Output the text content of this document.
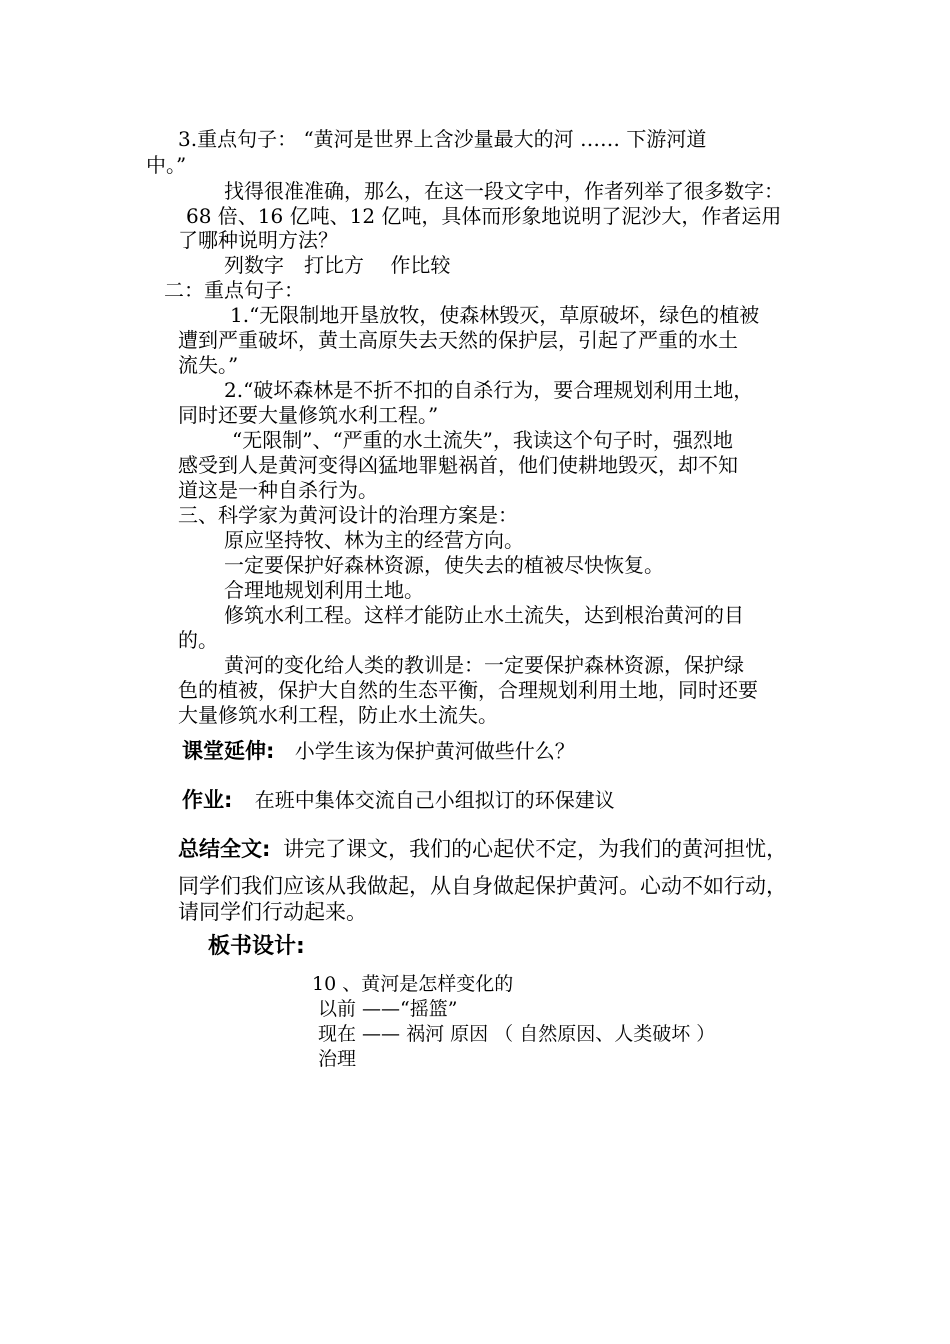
3.重点句子： “黄河是世界上含沙量最大的河 …… 下游河道
中。”
找得很准准确，那么，在这一段文字中，作者列举了很多数字：
68 倍、16 亿吨、12 亿吨，具体而形象地说明了泥沙大，作者运用
了哪种说明方法？
列数字　打比方　 作比较
二：重点句子：
1.“无限制地开垦放牧，使森林毁灭，草原破坏，绿色的植被
遭到严重破坏，黄土高原失去天然的保护层，引起了严重的水土
流失。”
2.“破坏森林是不折不扣的自杀行为，要合理规划利用土地，
同时还要大量修筑水利工程。”
“无限制”、“严重的水土流失”，我读这个句子时，强烈地
感受到人是黄河变得凶猛地罪魁祸首，他们使耕地毁灭，却不知
道这是一种自杀行为。
三、科学家为黄河设计的治理方案是：
原应坚持牧、林为主的经营方向。
一定要保护好森林资源，使失去的植被尽快恢复。
合理地规划利用土地。
修筑水利工程。这样才能防止水土流失，达到根治黄河的目
的。
黄河的变化给人类的教训是：一定要保护森林资源，保护绿
色的植被，保护大自然的生态平衡，合理规划利用土地，同时还要
大量修筑水利工程，防止水土流失。
课堂延伸: 小学生该为保护黄河做些什么？
作业: 在班中集体交流自己小组拟订的环保建议
总结全文: 讲完了课文，我们的心起伏不定，为我们的黄河担忧，
同学们我们应该从我做起，从自身做起保护黄河。心动不如行动，
请同学们行动起来。
板书设计:
10 、黄河是怎样变化的
以前 ——“摇篮”
现在 —— 祸河 原因 （ 自然原因、人类破坏 ）
治理
